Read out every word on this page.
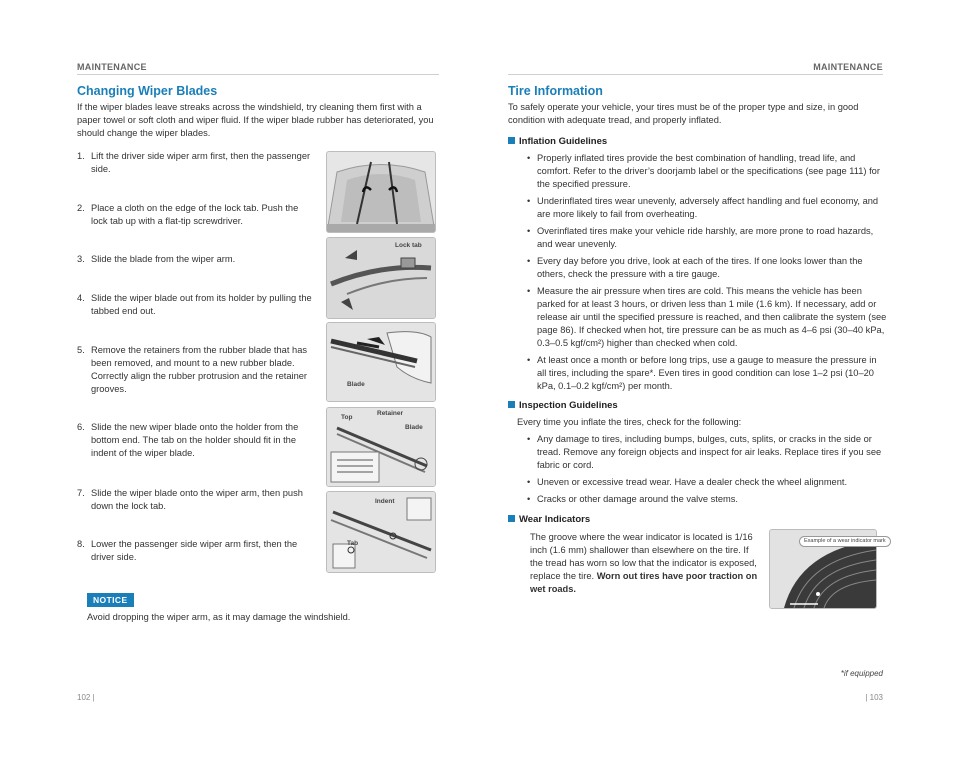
MAINTENANCE
Changing Wiper Blades
If the wiper blades leave streaks across the windshield, try cleaning them first with a paper towel or soft cloth and wiper fluid. If the wiper blade rubber has deteriorated, you should change the wiper blades.
1. Lift the driver side wiper arm first, then the passenger side.
2. Place a cloth on the edge of the lock tab. Push the lock tab up with a flat-tip screwdriver.
3. Slide the blade from the wiper arm.
4. Slide the wiper blade out from its holder by pulling the tabbed end out.
5. Remove the retainers from the rubber blade that has been removed, and mount to a new rubber blade. Correctly align the rubber protrusion and the retainer grooves.
6. Slide the new wiper blade onto the holder from the bottom end. The tab on the holder should fit in the indent of the wiper blade.
7. Slide the wiper blade onto the wiper arm, then push down the lock tab.
8. Lower the passenger side wiper arm first, then the driver side.
Lock tab
Blade
Top
Retainer
Blade
Indent
Tab
NOTICE
Avoid dropping the wiper arm, as it may damage the windshield.
102 |
MAINTENANCE
Tire Information
To safely operate your vehicle, your tires must be of the proper type and size, in good condition with adequate tread, and properly inflated.
Inflation Guidelines
• Properly inflated tires provide the best combination of handling, tread life, and comfort. Refer to the driver’s doorjamb label or the specifications (see page 111) for the specified pressure.
• Underinflated tires wear unevenly, adversely affect handling and fuel economy, and are more likely to fail from overheating.
• Overinflated tires make your vehicle ride harshly, are more prone to road hazards, and wear unevenly.
• Every day before you drive, look at each of the tires. If one looks lower than the others, check the pressure with a tire gauge.
• Measure the air pressure when tires are cold. This means the vehicle has been parked for at least 3 hours, or driven less than 1 mile (1.6 km). If necessary, add or release air until the specified pressure is reached, and then calibrate the system (see page 86). If checked when hot, tire pressure can be as much as 4–6 psi (30–40 kPa, 0.3–0.5 kgf/cm²) higher than checked when cold.
• At least once a month or before long trips, use a gauge to measure the pressure in all tires, including the spare*. Even tires in good condition can lose 1–2 psi (10–20 kPa, 0.1–0.2 kgf/cm²) per month.
Inspection Guidelines
Every time you inflate the tires, check for the following:
• Any damage to tires, including bumps, bulges, cuts, splits, or cracks in the side or tread. Remove any foreign objects and inspect for air leaks. Replace tires if you see fabric or cord.
• Uneven or excessive tread wear. Have a dealer check the wheel alignment.
• Cracks or other damage around the valve stems.
Wear Indicators
The groove where the wear indicator is located is 1/16 inch (1.6 mm) shallower than elsewhere on the tire. If the tread has worn so low that the indicator is exposed, replace the tire. Worn out tires have poor traction on wet roads.
Example of a wear indicator mark
*if equipped
| 103
